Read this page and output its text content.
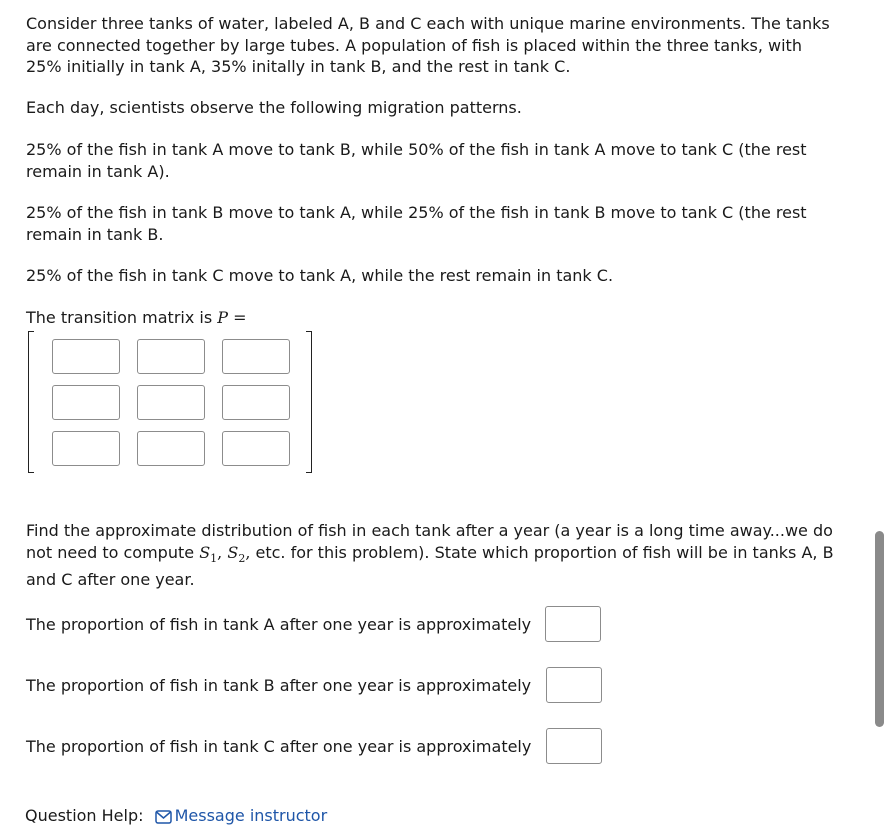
Consider three tanks of water, labeled A, B and C each with unique marine environments. The tanks are connected together by large tubes. A population of fish is placed within the three tanks, with 25% initially in tank A, 35% initally in tank B, and the rest in tank C.

Each day, scientists observe the following migration patterns.

25% of the fish in tank A move to tank B, while 50% of the fish in tank A move to tank C (the rest remain in tank A).

25% of the fish in tank B move to tank A, while 25% of the fish in tank B move to tank C (the rest remain in tank B.

25% of the fish in tank C move to tank A, while the rest remain in tank C.

The transition matrix is P =

Find the approximate distribution of fish in each tank after a year (a year is a long time away...we do not need to compute $S_1$, $S_2$, etc. for this problem). State which proportion of fish will be in tanks A, B and C after one year.

The proportion of fish in tank A after one year is approximately
The proportion of fish in tank B after one year is approximately
The proportion of fish in tank C after one year is approximately
Question Help: Message instructor
